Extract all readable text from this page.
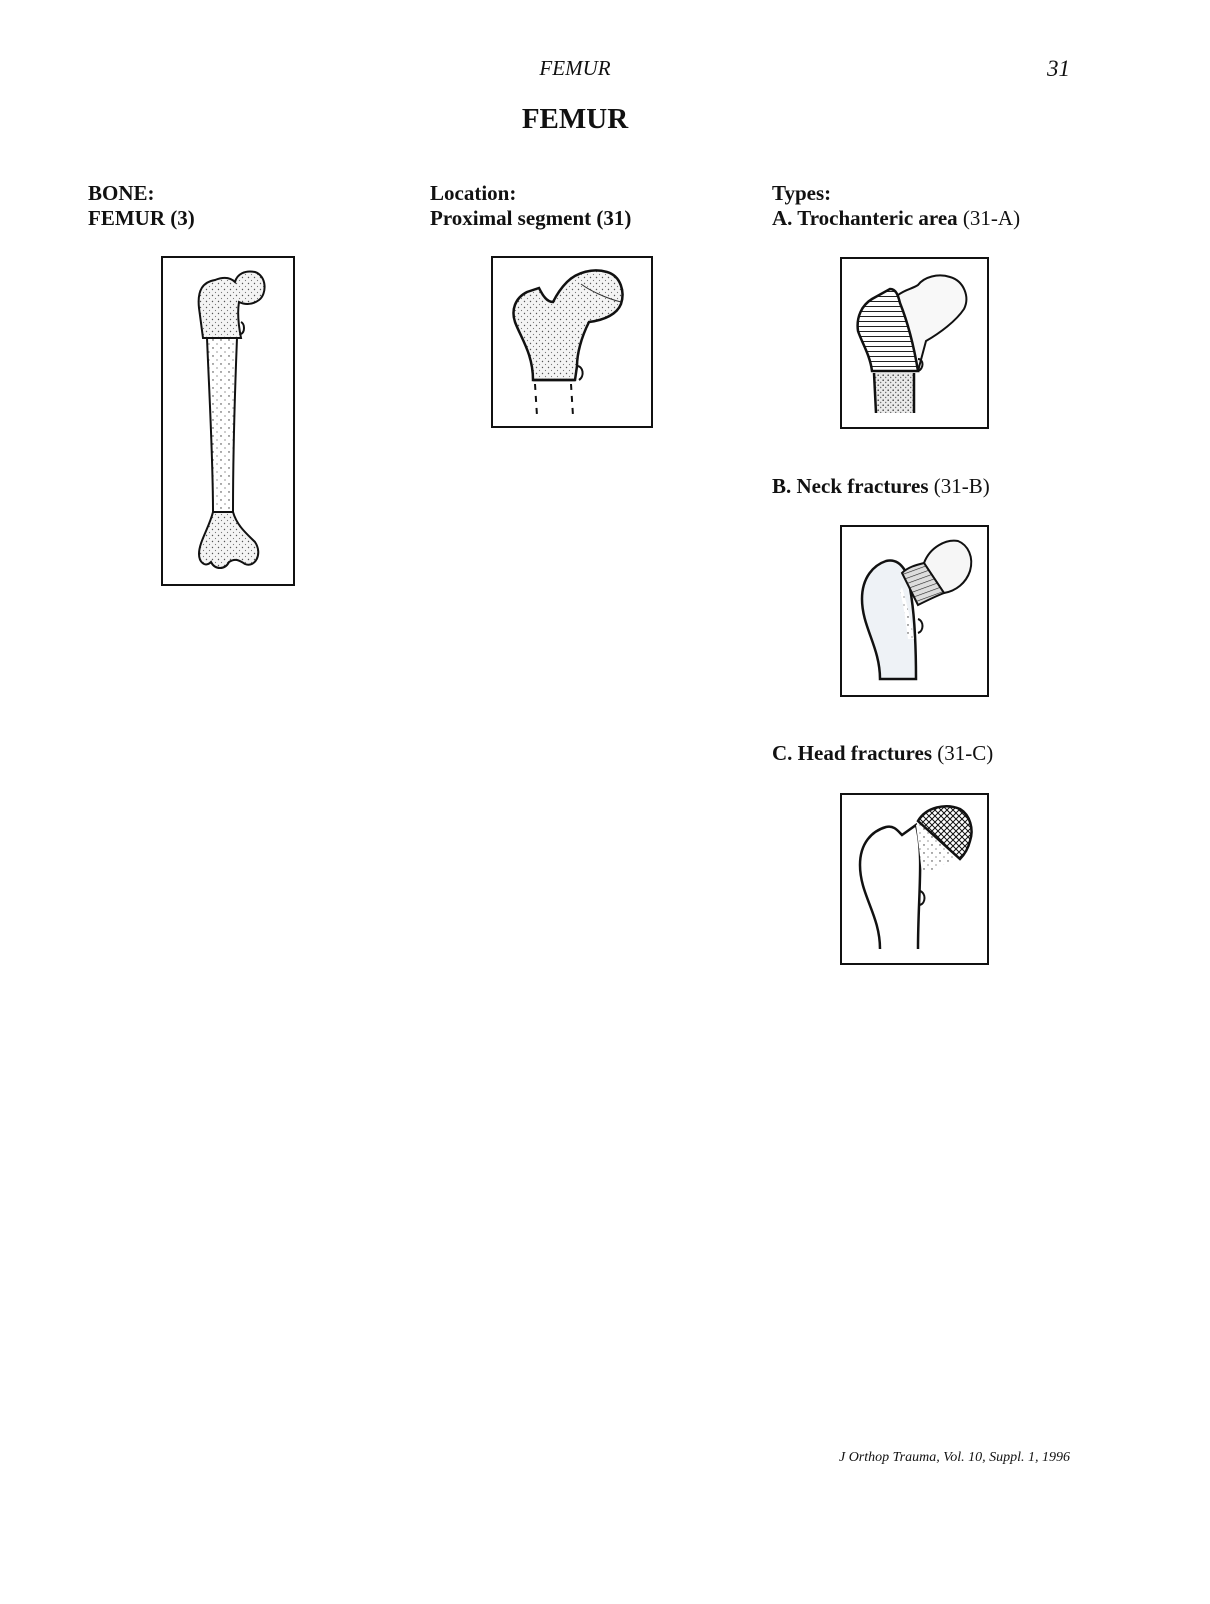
FEMUR	31
FEMUR
BONE:
FEMUR (3)
Location:
Proximal segment (31)
Types:
A. Trochanteric area (31-A)
B. Neck fractures (31-B)
C. Head fractures (31-C)
J Orthop Trauma, Vol. 10, Suppl. 1, 1996
